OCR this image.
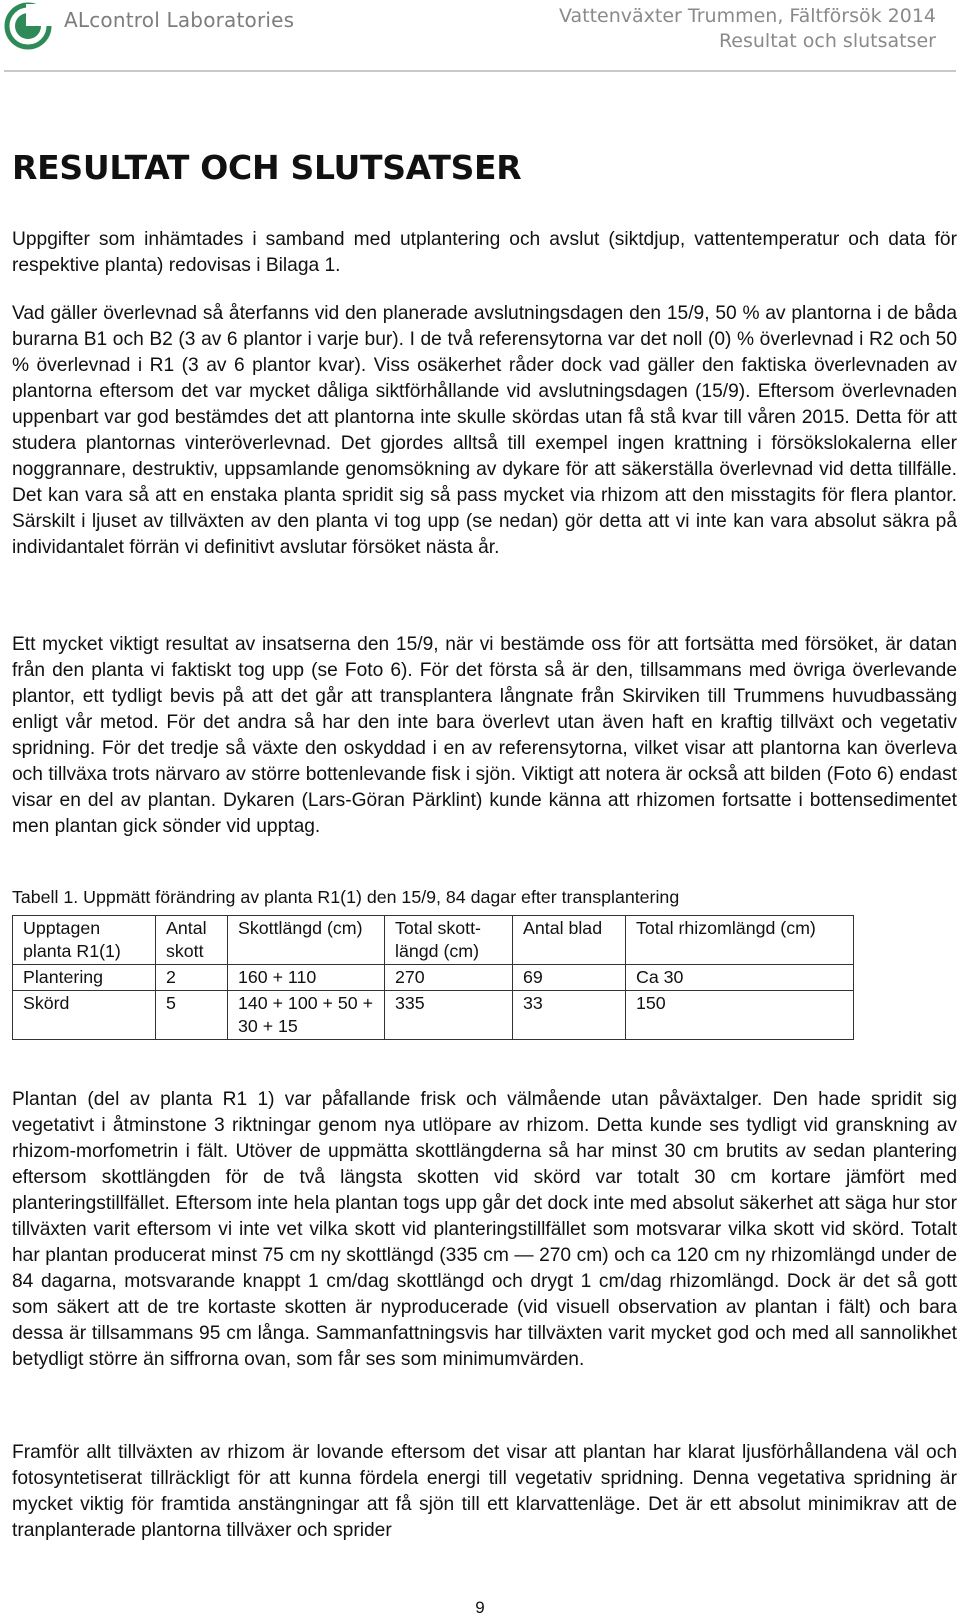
ALcontrol Laboratories	Vattenväxter Trummen, Fältförsök 2014
Resultat och slutsatser
RESULTAT OCH SLUTSATSER

Uppgifter som inhämtades i samband med utplantering och avslut (siktdjup, vattentemperatur och data för respektive planta) redovisas i Bilaga 1.

Vad gäller överlevnad så återfanns vid den planerade avslutningsdagen den 15/9, 50 % av plantorna i de båda burarna B1 och B2 (3 av 6 plantor i varje bur). I de två referensytorna var det noll (0) % överlevnad i R2 och 50 % överlevnad i R1 (3 av 6 plantor kvar). Viss osäkerhet råder dock vad gäller den faktiska överlevnaden av plantorna eftersom det var mycket dåliga siktförhållande vid avslutningsdagen (15/9). Eftersom överlevnaden uppenbart var god bestämdes det att plantorna inte skulle skördas utan få stå kvar till våren 2015. Detta för att studera plantornas vinteröverlevnad. Det gjordes alltså till exempel ingen krattning i försökslokalerna eller noggrannare, destruktiv, uppsamlande genomsökning av dykare för att säkerställa överlevnad vid detta tillfälle. Det kan vara så att en enstaka planta spridit sig så pass mycket via rhizom att den misstagits för flera plantor. Särskilt i ljuset av tillväxten av den planta vi tog upp (se nedan) gör detta att vi inte kan vara absolut säkra på individantalet förrän vi definitivt avslutar försöket nästa år.

Ett mycket viktigt resultat av insatserna den 15/9, när vi bestämde oss för att fortsätta med försöket, är datan från den planta vi faktiskt tog upp (se Foto 6). För det första så är den, tillsammans med övriga överlevande plantor, ett tydligt bevis på att det går att transplantera långnate från Skirviken till Trummens huvudbassäng enligt vår metod. För det andra så har den inte bara överlevt utan även haft en kraftig tillväxt och vegetativ spridning. För det tredje så växte den oskyddad i en av referensytorna, vilket visar att plantorna kan överleva och tillväxa trots närvaro av större bottenlevande fisk i sjön. Viktigt att notera är också att bilden (Foto 6) endast visar en del av plantan. Dykaren (Lars-Göran Pärklint) kunde känna att rhizomen fortsatte i bottensedimentet men plantan gick sönder vid upptag.

Tabell 1. Uppmätt förändring av planta R1(1) den 15/9, 84 dagar efter transplantering

Upptagen planta R1(1)	Antal skott	Skottlängd (cm)	Total skott-längd (cm)	Antal blad	Total rhizomlängd (cm)
Plantering	2	160 + 110	270	69	Ca 30
Skörd	5	140 + 100 + 50 + 30 + 15	335	33	150

Plantan (del av planta R1 1) var påfallande frisk och välmående utan påväxtalger. Den hade spridit sig vegetativt i åtminstone 3 riktningar genom nya utlöpare av rhizom. Detta kunde ses tydligt vid granskning av rhizom-morfometrin i fält. Utöver de uppmätta skottlängderna så har minst 30 cm brutits av sedan plantering eftersom skottlängden för de två längsta skotten vid skörd var totalt 30 cm kortare jämfört med planteringstillfället. Eftersom inte hela plantan togs upp går det dock inte med absolut säkerhet att säga hur stor tillväxten varit eftersom vi inte vet vilka skott vid planteringstillfället som motsvarar vilka skott vid skörd. Totalt har plantan producerat minst 75 cm ny skottlängd (335 cm — 270 cm) och ca 120 cm ny rhizomlängd under de 84 dagarna, motsvarande knappt 1 cm/dag skottlängd och drygt 1 cm/dag rhizomlängd. Dock är det så gott som säkert att de tre kortaste skotten är nyproducerade (vid visuell observation av plantan i fält) och bara dessa är tillsammans 95 cm långa. Sammanfattningsvis har tillväxten varit mycket god och med all sannolikhet betydligt större än siffrorna ovan, som får ses som minimumvärden.

Framför allt tillväxten av rhizom är lovande eftersom det visar att plantan har klarat ljusförhållandena väl och fotosyntetiserat tillräckligt för att kunna fördela energi till vegetativ spridning. Denna vegetativa spridning är mycket viktig för framtida anstängningar att få sjön till ett klarvattenläge. Det är ett absolut minimikrav att de tranplanterade plantorna tillväxer och sprider

9
